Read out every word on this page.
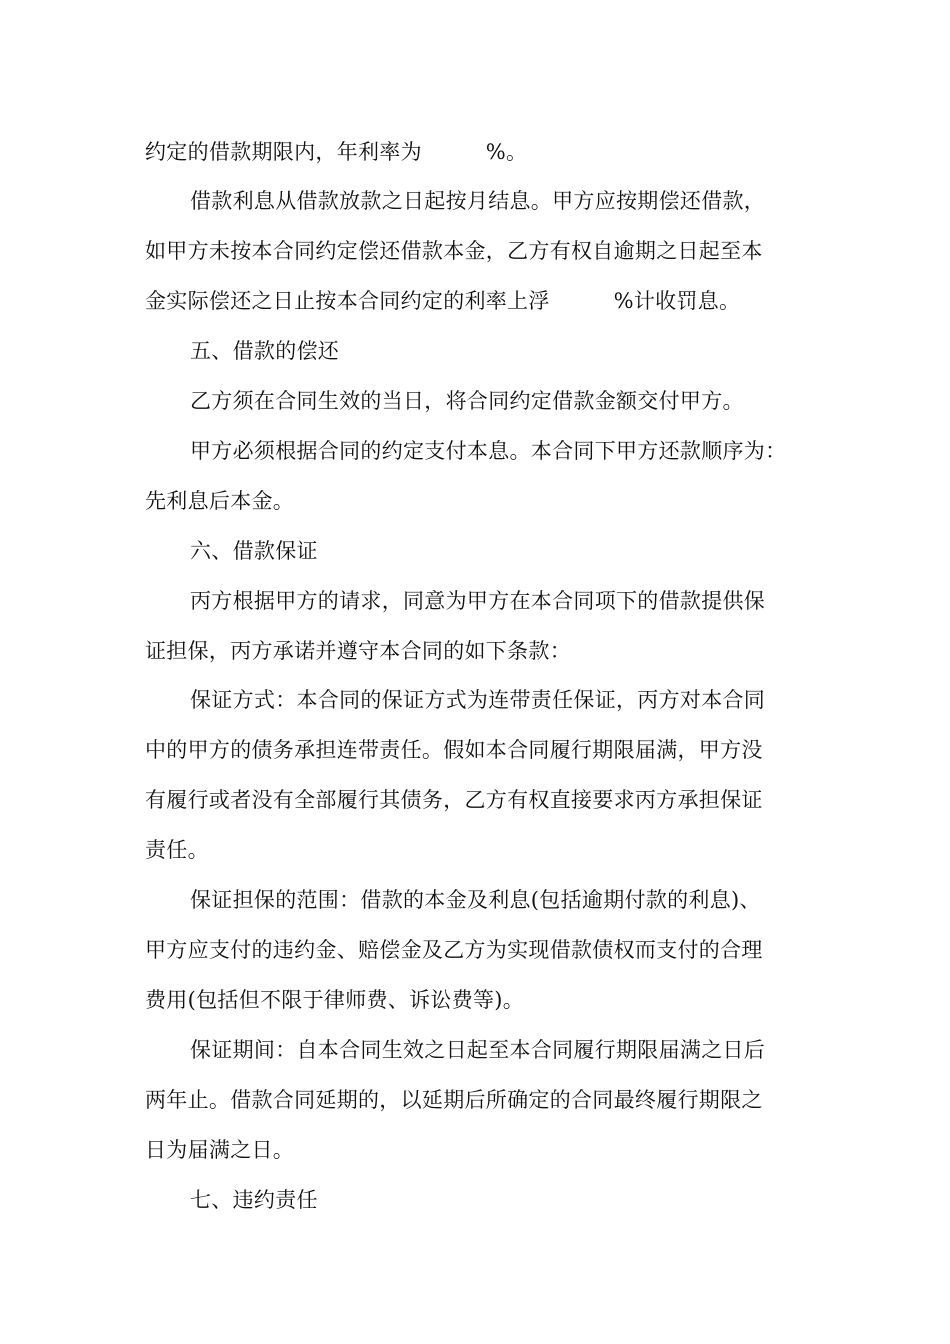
约定的借款期限内，年利率为　　　%。
借款利息从借款放款之日起按月结息。甲方应按期偿还借款，
如甲方未按本合同约定偿还借款本金，乙方有权自逾期之日起至本
金实际偿还之日止按本合同约定的利率上浮　　　%计收罚息。
五、借款的偿还
乙方须在合同生效的当日，将合同约定借款金额交付甲方。
甲方必须根据合同的约定支付本息。本合同下甲方还款顺序为：
先利息后本金。
六、借款保证
丙方根据甲方的请求，同意为甲方在本合同项下的借款提供保
证担保，丙方承诺并遵守本合同的如下条款：
保证方式：本合同的保证方式为连带责任保证，丙方对本合同
中的甲方的债务承担连带责任。假如本合同履行期限届满，甲方没
有履行或者没有全部履行其债务，乙方有权直接要求丙方承担保证
责任。
保证担保的范围：借款的本金及利息(包括逾期付款的利息)、
甲方应支付的违约金、赔偿金及乙方为实现借款债权而支付的合理
费用(包括但不限于律师费、诉讼费等)。
保证期间：自本合同生效之日起至本合同履行期限届满之日后
两年止。借款合同延期的，以延期后所确定的合同最终履行期限之
日为届满之日。
七、违约责任
